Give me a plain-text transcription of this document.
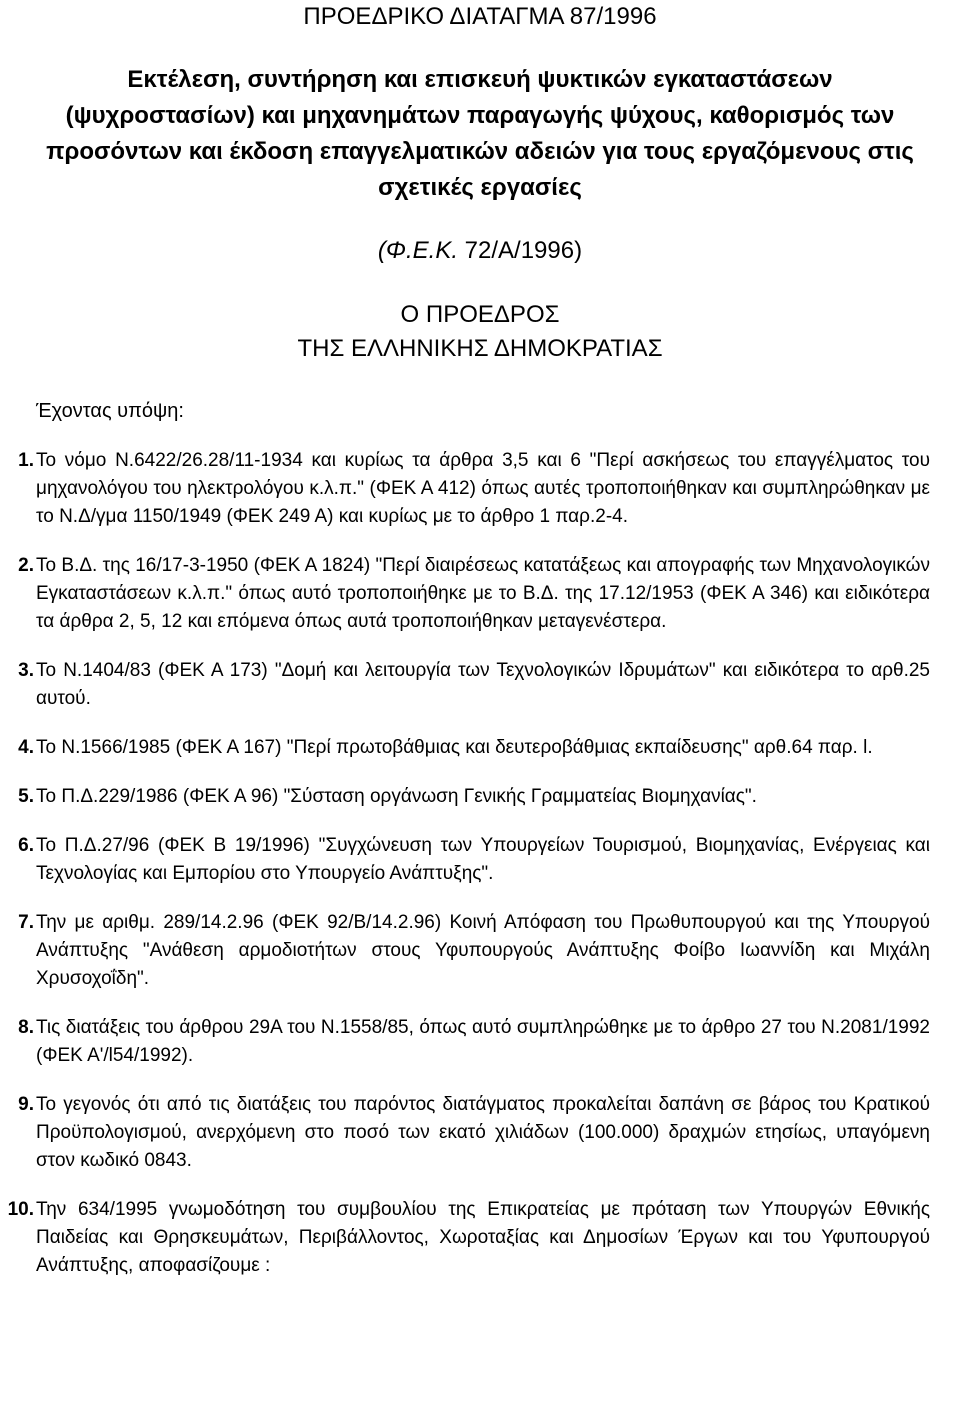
ΠΡΟΕΔΡΙΚΟ ΔΙΑΤΑΓΜΑ 87/1996
Εκτέλεση, συντήρηση και επισκευή ψυκτικών εγκαταστάσεων (ψυχροστασίων) και μηχανημάτων παραγωγής ψύχους, καθορισμός των προσόντων και έκδοση επαγγελματικών αδειών για τους εργαζόμενους στις σχετικές εργασίες
(Φ.Ε.Κ. 72/Α/1996)
Ο ΠΡΟΕΔΡΟΣ
ΤΗΣ ΕΛΛΗΝΙΚΗΣ ΔΗΜΟΚΡΑΤΙΑΣ
Έχοντας υπόψη:
1. Το νόμο Ν.6422/26.28/11-1934 και κυρίως τα άρθρα 3,5 και 6 "Περί ασκήσεως του επαγγέλματος του μηχανολόγου του ηλεκτρολόγου κ.λ.π." (ΦΕΚ Α 412) όπως αυτές τροποποιήθηκαν και συμπληρώθηκαν με το Ν.Δ/γμα 1150/1949 (ΦΕΚ 249 Α) και κυρίως με το άρθρο 1 παρ.2-4.
2. Το Β.Δ. της 16/17-3-1950 (ΦΕΚ Α 1824) "Περί διαιρέσεως κατατάξεως και απογραφής των Μηχανολογικών Εγκαταστάσεων κ.λ.π." όπως αυτό τροποποιήθηκε με το Β.Δ. της 17.12/1953 (ΦΕΚ Α 346) και ειδικότερα τα άρθρα 2, 5, 12 και επόμενα όπως αυτά τροποποιήθηκαν μεταγενέστερα.
3. Το Ν.1404/83 (ΦΕΚ Α 173) "Δομή και λειτουργία των Τεχνολογικών Ιδρυμάτων" και ειδικότερα το αρθ.25 αυτού.
4. Το Ν.1566/1985 (ΦΕΚ Α 167) "Περί πρωτοβάθμιας και δευτεροβάθμιας εκπαίδευσης" αρθ.64 παρ. l.
5. Το Π.Δ.229/1986 (ΦΕΚ Α 96) "Σύσταση οργάνωση Γενικής Γραμματείας Βιομηχανίας".
6. Το Π.Δ.27/96 (ΦΕΚ Β 19/1996) "Συγχώνευση των Υπουργείων Τουρισμού, Βιομηχανίας, Ενέργειας και Τεχνολογίας και Εμπορίου στο Υπουργείο Ανάπτυξης".
7. Την με αριθμ. 289/14.2.96 (ΦΕΚ 92/Β/14.2.96) Κοινή Απόφαση του Πρωθυπουργού και της Υπουργού Ανάπτυξης "Ανάθεση αρμοδιοτήτων στους Υφυπουργούς Ανάπτυξης Φοίβο Ιωαννίδη και Μιχάλη Χρυσοχοΐδη".
8. Τις διατάξεις του άρθρου 29Α του Ν.1558/85, όπως αυτό συμπληρώθηκε με το άρθρο 27 του Ν.2081/1992 (ΦΕΚ Α'/l54/1992).
9. Το γεγονός ότι από τις διατάξεις του παρόντος διατάγματος προκαλείται δαπάνη σε βάρος του Κρατικού Προϋπολογισμού, ανερχόμενη στο ποσό των εκατό χιλιάδων (100.000) δραχμών ετησίως, υπαγόμενη στον κωδικό 0843.
10. Την 634/1995 γνωμοδότηση του συμβουλίου της Επικρατείας με πρόταση των Υπουργών Εθνικής Παιδείας και Θρησκευμάτων, Περιβάλλοντος, Χωροταξίας και Δημοσίων Έργων και του Υφυπουργού Ανάπτυξης, αποφασίζουμε :
